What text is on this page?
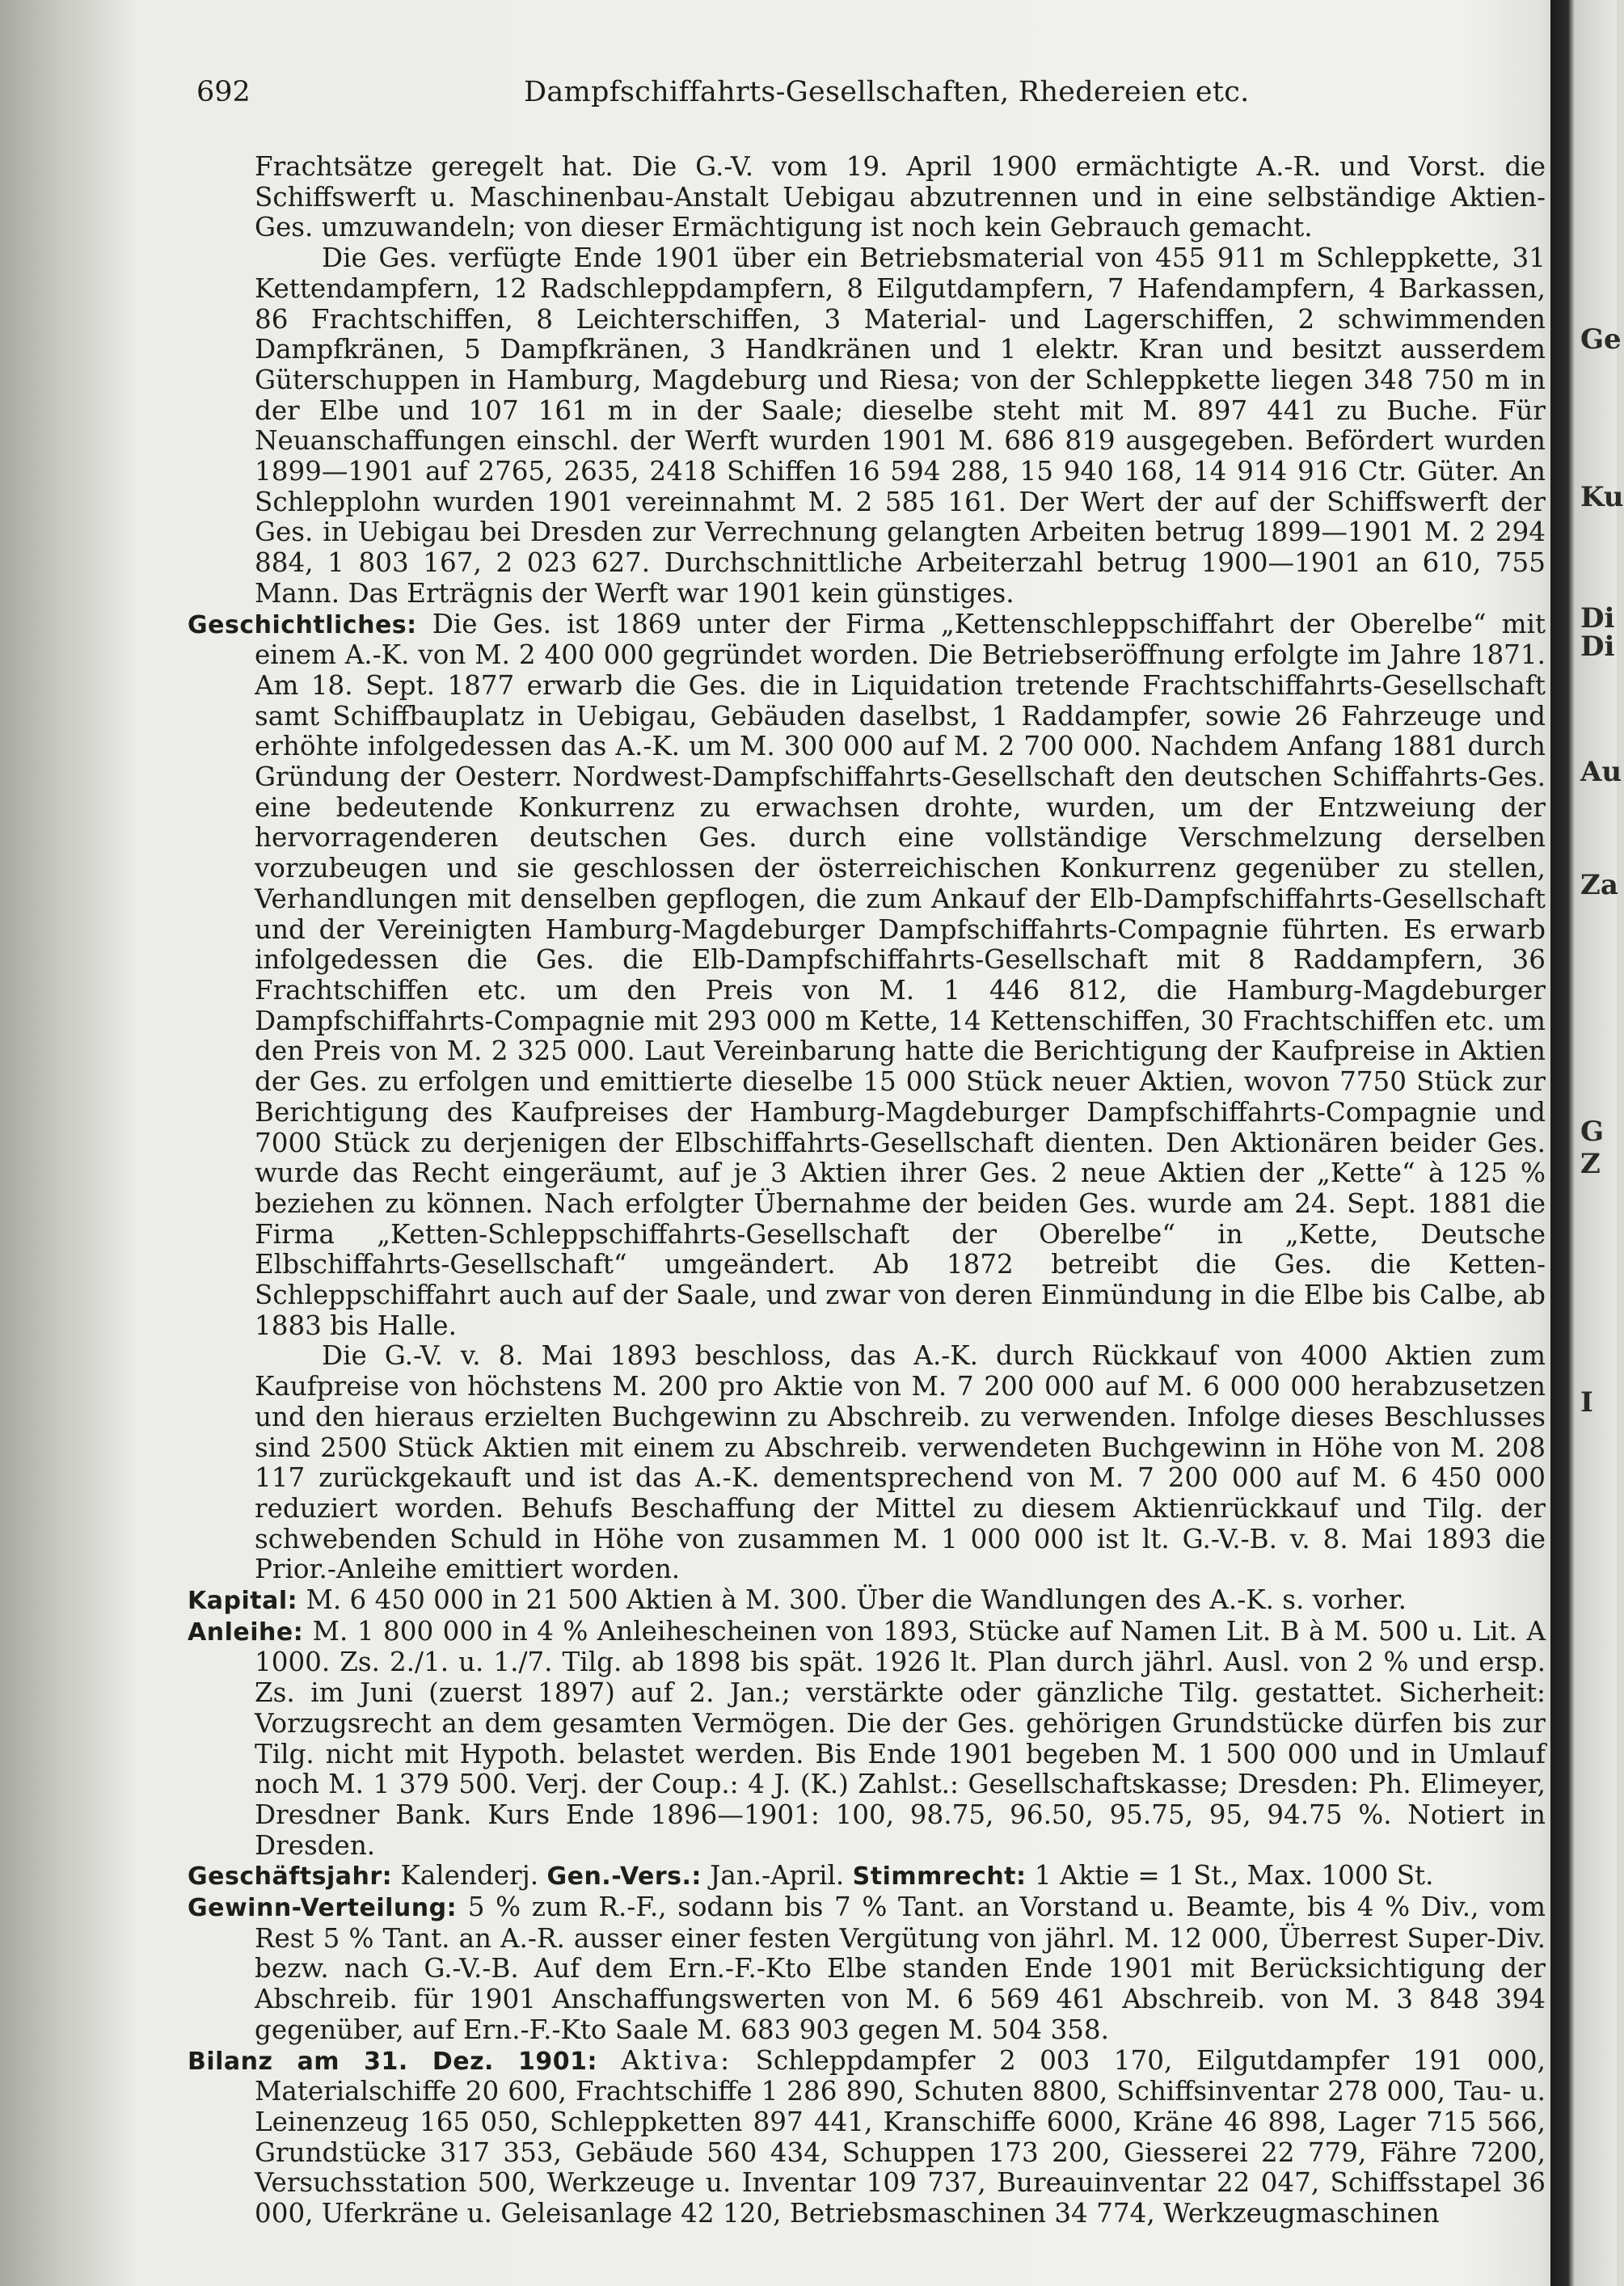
692	Dampfschiffahrts-Gesellschaften, Rhedereien etc.

Frachtsätze geregelt hat. Die G.-V. vom 19. April 1900 ermächtigte A.-R. und Vorst. die Schiffswerft u. Maschinenbau-Anstalt Uebigau abzutrennen und in eine selbständige Aktien-Ges. umzuwandeln; von dieser Ermächtigung ist noch kein Gebrauch gemacht.

Die Ges. verfügte Ende 1901 über ein Betriebsmaterial von 455 911 m Schleppkette, 31 Kettendampfern, 12 Radschleppdampfern, 8 Eilgutdampfern, 7 Hafendampfern, 4 Barkassen, 86 Frachtschiffen, 8 Leichterschiffen, 3 Material- und Lagerschiffen, 2 schwimmenden Dampfkränen, 5 Dampfkränen, 3 Handkränen und 1 elektr. Kran und besitzt ausserdem Güterschuppen in Hamburg, Magdeburg und Riesa; von der Schleppkette liegen 348 750 m in der Elbe und 107 161 m in der Saale; dieselbe steht mit M. 897 441 zu Buche. Für Neuanschaffungen einschl. der Werft wurden 1901 M. 686 819 ausgegeben. Befördert wurden 1899—1901 auf 2765, 2635, 2418 Schiffen 16 594 288, 15 940 168, 14 914 916 Ctr. Güter. An Schlepplohn wurden 1901 vereinnahmt M. 2 585 161. Der Wert der auf der Schiffswerft der Ges. in Uebigau bei Dresden zur Verrechnung gelangten Arbeiten betrug 1899—1901 M. 2 294 884, 1 803 167, 2 023 627. Durchschnittliche Arbeiterzahl betrug 1900—1901 an 610, 755 Mann. Das Erträgnis der Werft war 1901 kein günstiges.

Geschichtliches: Die Ges. ist 1869 unter der Firma „Kettenschleppschiffahrt der Oberelbe“ mit einem A.-K. von M. 2 400 000 gegründet worden. Die Betriebseröffnung erfolgte im Jahre 1871. Am 18. Sept. 1877 erwarb die Ges. die in Liquidation tretende Frachtschiffahrts-Gesellschaft samt Schiffbauplatz in Uebigau, Gebäuden daselbst, 1 Raddampfer, sowie 26 Fahrzeuge und erhöhte infolgedessen das A.-K. um M. 300 000 auf M. 2 700 000. Nachdem Anfang 1881 durch Gründung der Oesterr. Nordwest-Dampfschiffahrts-Gesellschaft den deutschen Schiffahrts-Ges. eine bedeutende Konkurrenz zu erwachsen drohte, wurden, um der Entzweiung der hervorragenderen deutschen Ges. durch eine vollständige Verschmelzung derselben vorzubeugen und sie geschlossen der österreichischen Konkurrenz gegenüber zu stellen, Verhandlungen mit denselben gepflogen, die zum Ankauf der Elb-Dampfschiffahrts-Gesellschaft und der Vereinigten Hamburg-Magdeburger Dampfschiffahrts-Compagnie führten. Es erwarb infolgedessen die Ges. die Elb-Dampfschiffahrts-Gesellschaft mit 8 Raddampfern, 36 Frachtschiffen etc. um den Preis von M. 1 446 812, die Hamburg-Magdeburger Dampfschiffahrts-Compagnie mit 293 000 m Kette, 14 Kettenschiffen, 30 Frachtschiffen etc. um den Preis von M. 2 325 000. Laut Vereinbarung hatte die Berichtigung der Kaufpreise in Aktien der Ges. zu erfolgen und emittierte dieselbe 15 000 Stück neuer Aktien, wovon 7750 Stück zur Berichtigung des Kaufpreises der Hamburg-Magdeburger Dampfschiffahrts-Compagnie und 7000 Stück zu derjenigen der Elbschiffahrts-Gesellschaft dienten. Den Aktionären beider Ges. wurde das Recht eingeräumt, auf je 3 Aktien ihrer Ges. 2 neue Aktien der „Kette“ à 125 % beziehen zu können. Nach erfolgter Übernahme der beiden Ges. wurde am 24. Sept. 1881 die Firma „Ketten-Schleppschiffahrts-Gesellschaft der Oberelbe“ in „Kette, Deutsche Elbschiffahrts-Gesellschaft“ umgeändert. Ab 1872 betreibt die Ges. die Ketten-Schleppschiffahrt auch auf der Saale, und zwar von deren Einmündung in die Elbe bis Calbe, ab 1883 bis Halle.

Die G.-V. v. 8. Mai 1893 beschloss, das A.-K. durch Rückkauf von 4000 Aktien zum Kaufpreise von höchstens M. 200 pro Aktie von M. 7 200 000 auf M. 6 000 000 herabzusetzen und den hieraus erzielten Buchgewinn zu Abschreib. zu verwenden. Infolge dieses Beschlusses sind 2500 Stück Aktien mit einem zu Abschreib. verwendeten Buchgewinn in Höhe von M. 208 117 zurückgekauft und ist das A.-K. dementsprechend von M. 7 200 000 auf M. 6 450 000 reduziert worden. Behufs Beschaffung der Mittel zu diesem Aktienrückkauf und Tilg. der schwebenden Schuld in Höhe von zusammen M. 1 000 000 ist lt. G.-V.-B. v. 8. Mai 1893 die Prior.-Anleihe emittiert worden.

Kapital: M. 6 450 000 in 21 500 Aktien à M. 300. Über die Wandlungen des A.-K. s. vorher.

Anleihe: M. 1 800 000 in 4 % Anleihescheinen von 1893, Stücke auf Namen Lit. B à M. 500 u. Lit. A 1000. Zs. 2./1. u. 1./7. Tilg. ab 1898 bis spät. 1926 lt. Plan durch jährl. Ausl. von 2 % und ersp. Zs. im Juni (zuerst 1897) auf 2. Jan.; verstärkte oder gänzliche Tilg. gestattet. Sicherheit: Vorzugsrecht an dem gesamten Vermögen. Die der Ges. gehörigen Grundstücke dürfen bis zur Tilg. nicht mit Hypoth. belastet werden. Bis Ende 1901 begeben M. 1 500 000 und in Umlauf noch M. 1 379 500. Verj. der Coup.: 4 J. (K.) Zahlst.: Gesellschaftskasse; Dresden: Ph. Elimeyer, Dresdner Bank. Kurs Ende 1896—1901: 100, 98.75, 96.50, 95.75, 95, 94.75 %. Notiert in Dresden.

Geschäftsjahr: Kalenderj. Gen.-Vers.: Jan.-April. Stimmrecht: 1 Aktie = 1 St., Max. 1000 St.

Gewinn-Verteilung: 5 % zum R.-F., sodann bis 7 % Tant. an Vorstand u. Beamte, bis 4 % Div., vom Rest 5 % Tant. an A.-R. ausser einer festen Vergütung von jährl. M. 12 000, Überrest Super-Div. bezw. nach G.-V.-B. Auf dem Ern.-F.-Kto Elbe standen Ende 1901 mit Berücksichtigung der Abschreib. für 1901 Anschaffungswerten von M. 6 569 461 Abschreib. von M. 3 848 394 gegenüber, auf Ern.-F.-Kto Saale M. 683 903 gegen M. 504 358.

Bilanz am 31. Dez. 1901: Aktiva: Schleppdampfer 2 003 170, Eilgutdampfer 191 000, Materialschiffe 20 600, Frachtschiffe 1 286 890, Schuten 8800, Schiffsinventar 278 000, Tau- u. Leinenzeug 165 050, Schleppketten 897 441, Kranschiffe 6000, Kräne 46 898, Lager 715 566, Grundstücke 317 353, Gebäude 560 434, Schuppen 173 200, Giesserei 22 779, Fähre 7200, Versuchsstation 500, Werkzeuge u. Inventar 109 737, Bureauinventar 22 047, Schiffsstapel 36 000, Uferkräne u. Geleisanlage 42 120, Betriebsmaschinen 34 774, Werkzeugmaschinen

Ge
Ku
Di
Di
Au
Za
G
Z
I
